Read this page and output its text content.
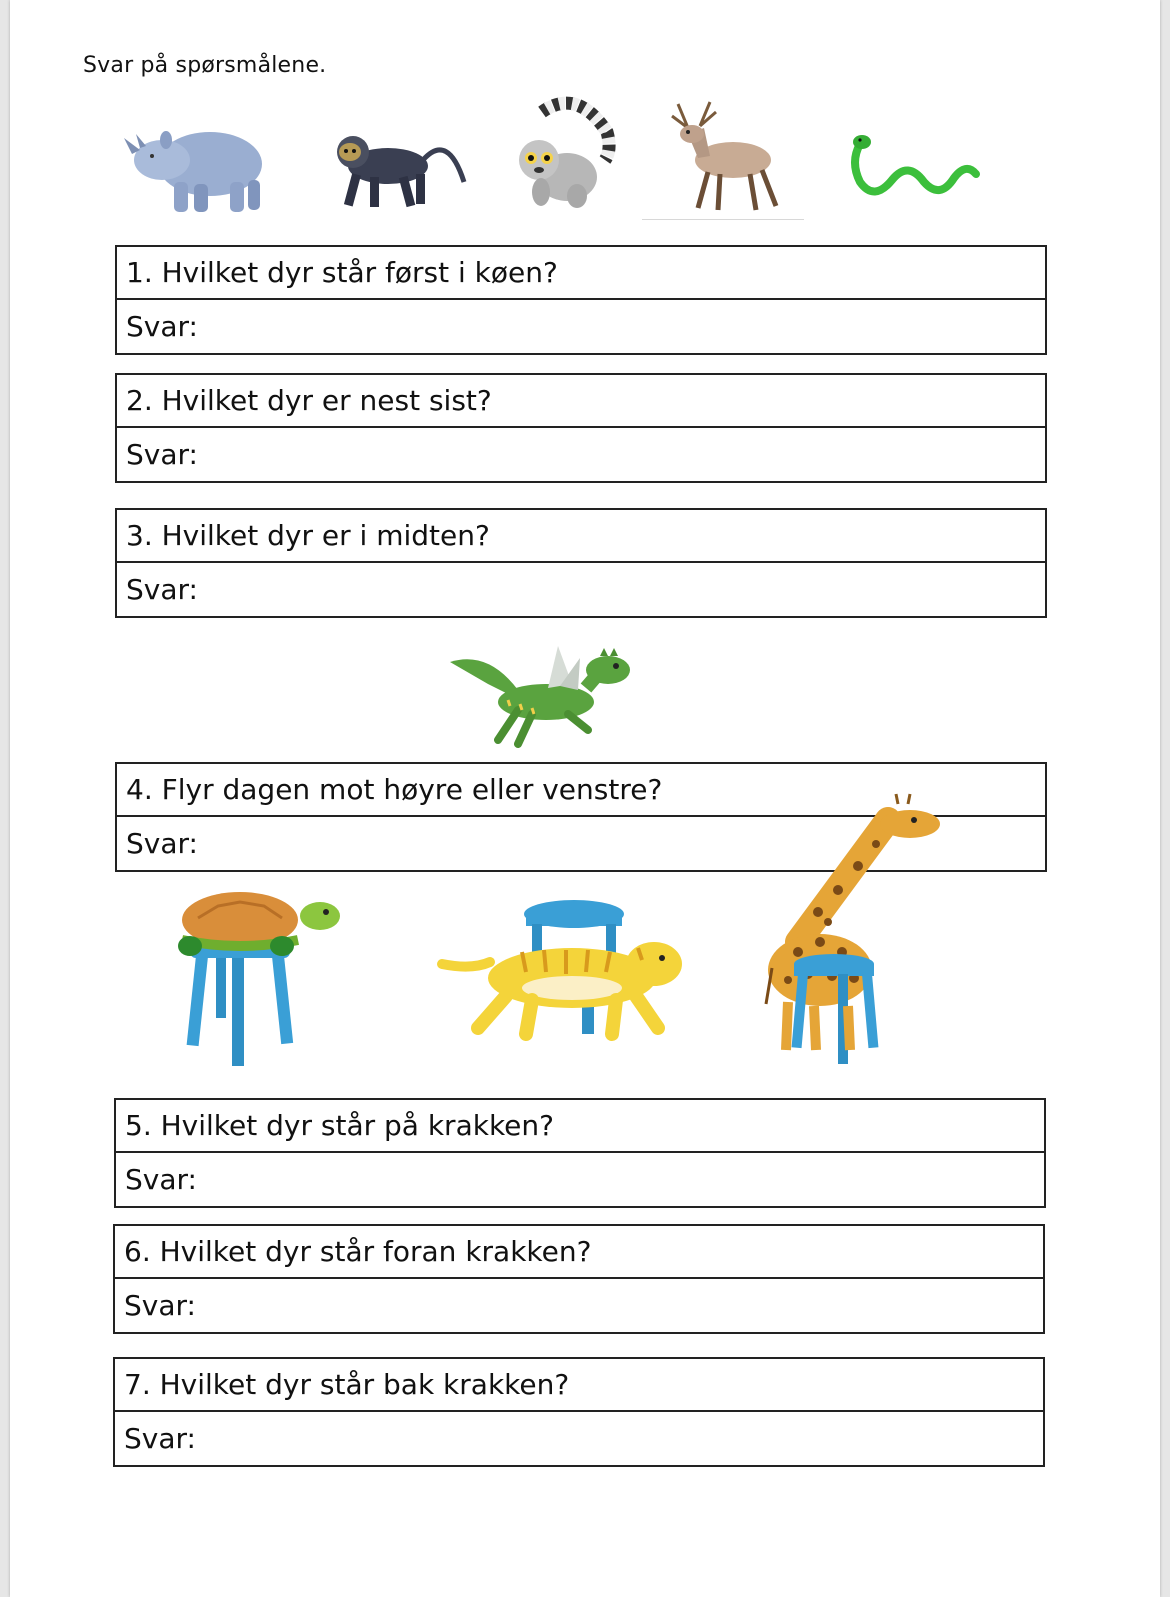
Svar på spørsmålene.
1. Hvilket dyr står først i køen?
Svar:
2. Hvilket dyr er nest sist?
Svar:
3. Hvilket dyr er i midten?
Svar:
4. Flyr dagen mot høyre eller venstre?
Svar:
5. Hvilket dyr står på krakken?
Svar:
6. Hvilket dyr står foran krakken?
Svar:
7. Hvilket dyr står bak krakken?
Svar:
